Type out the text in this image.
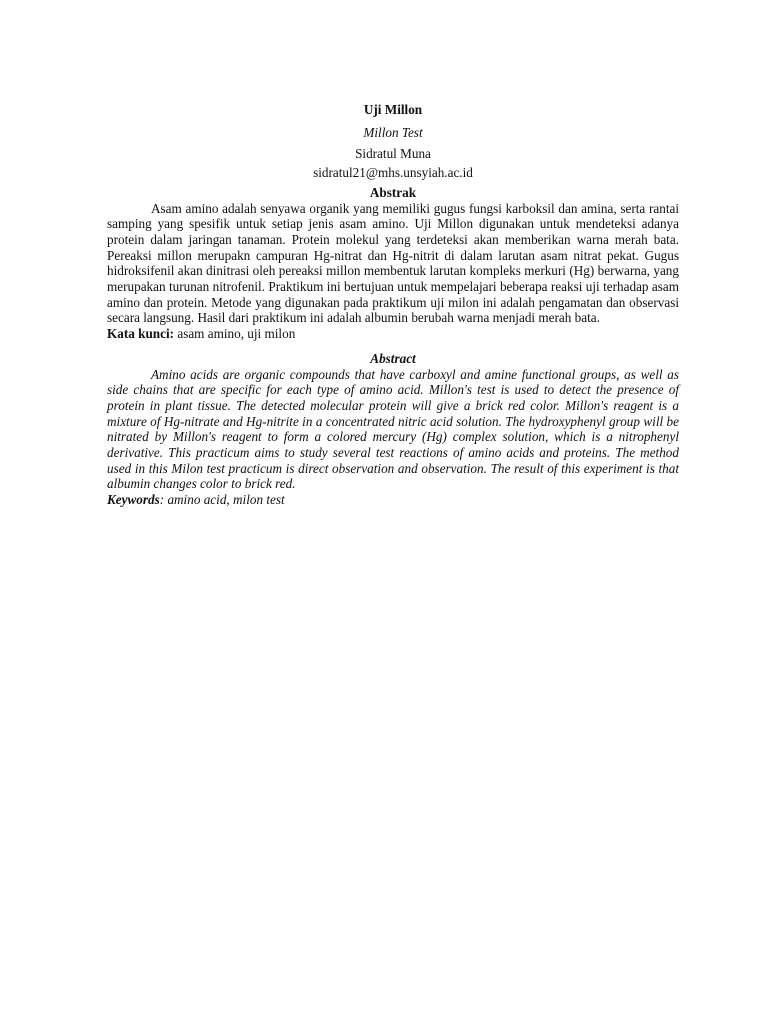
Uji Millon
Millon Test
Sidratul Muna
sidratul21@mhs.unsyiah.ac.id
Abstrak

Asam amino adalah senyawa organik yang memiliki gugus fungsi karboksil dan amina, serta rantai samping yang spesifik untuk setiap jenis asam amino. Uji Millon digunakan untuk mendeteksi adanya protein dalam jaringan tanaman. Protein molekul yang terdeteksi akan memberikan warna merah bata. Pereaksi millon merupakn campuran Hg-nitrat dan Hg-nitrit di dalam larutan asam nitrat pekat. Gugus hidroksifenil akan dinitrasi oleh pereaksi millon membentuk larutan kompleks merkuri (Hg) berwarna, yang merupakan turunan nitrofenil. Praktikum ini bertujuan untuk mempelajari beberapa reaksi uji terhadap asam amino dan protein. Metode yang digunakan pada praktikum uji milon ini adalah pengamatan dan observasi secara langsung. Hasil dari praktikum ini adalah albumin berubah warna menjadi merah bata.

Kata kunci: asam amino, uji milon

Abstract

Amino acids are organic compounds that have carboxyl and amine functional groups, as well as side chains that are specific for each type of amino acid. Millon's test is used to detect the presence of protein in plant tissue. The detected molecular protein will give a brick red color. Millon's reagent is a mixture of Hg-nitrate and Hg-nitrite in a concentrated nitric acid solution. The hydroxyphenyl group will be nitrated by Millon's reagent to form a colored mercury (Hg) complex solution, which is a nitrophenyl derivative. This practicum aims to study several test reactions of amino acids and proteins. The method used in this Milon test practicum is direct observation and observation. The result of this experiment is that albumin changes color to brick red.

Keywords: amino acid, milon test
